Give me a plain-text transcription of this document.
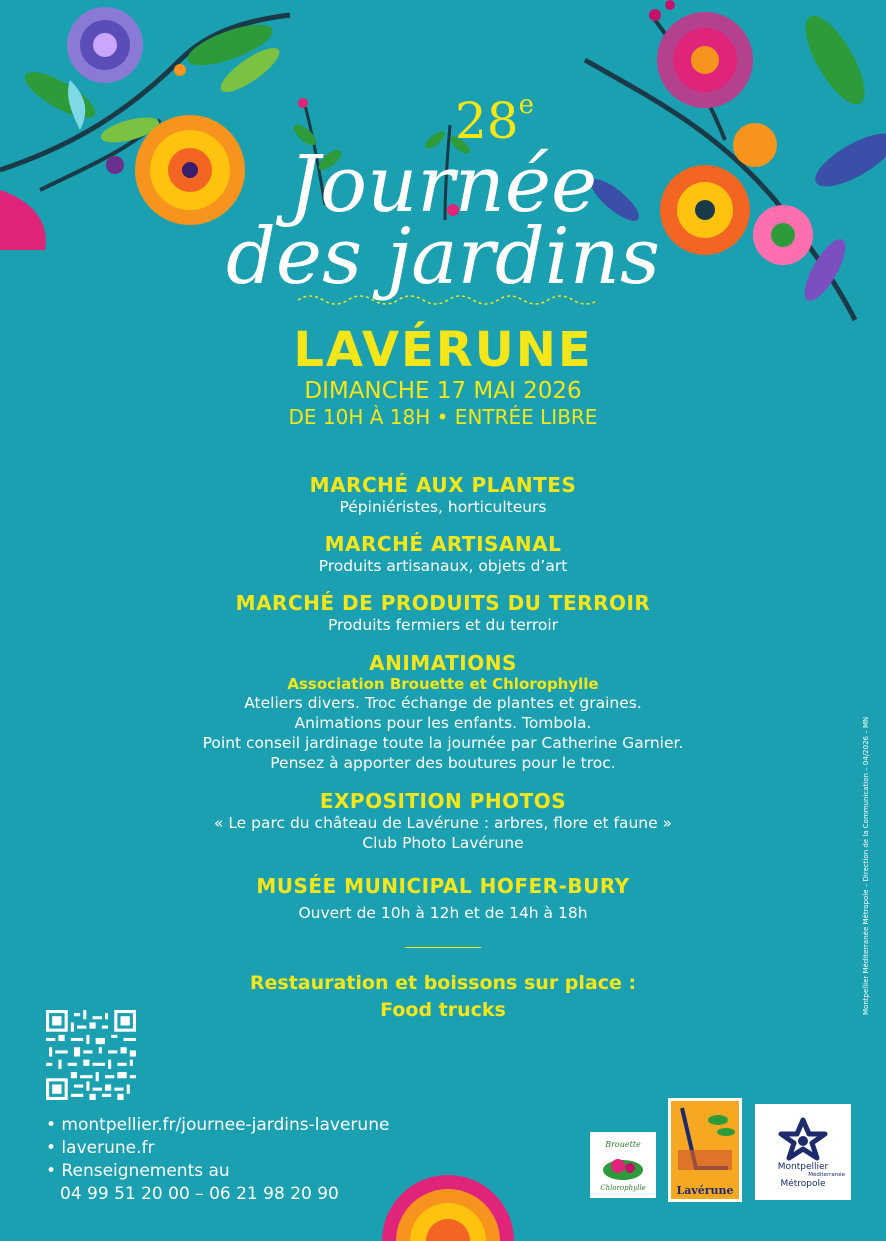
28e
Journée
des jardins
LAVÉRUNE
DIMANCHE 17 MAI 2026
DE 10H À 18H • ENTRÉE LIBRE
MARCHÉ AUX PLANTES
Pépiniéristes, horticulteurs
MARCHÉ ARTISANAL
Produits artisanaux, objets d’art
MARCHÉ DE PRODUITS DU TERROIR
Produits fermiers et du terroir
ANIMATIONS
Association Brouette et Chlorophylle
Ateliers divers. Troc échange de plantes et graines.
Animations pour les enfants. Tombola.
Point conseil jardinage toute la journée par Catherine Garnier.
Pensez à apporter des boutures pour le troc.
EXPOSITION PHOTOS
« Le parc du château de Lavérune : arbres, flore et faune »
Club Photo Lavérune
MUSÉE MUNICIPAL HOFER-BURY
Ouvert de 10h à 12h et de 14h à 18h
Restauration et boissons sur place :
Food trucks
• montpellier.fr/journee-jardins-laverune
• laverune.fr
• Renseignements au
04 99 51 20 00 – 06 21 98 20 90
Brouette
Chlorophylle	Lavérune
Montpellier
Méditerranée
Métropole
Montpellier Méditerranée Métropole – Direction de la Communication – 04/2026 – MN
